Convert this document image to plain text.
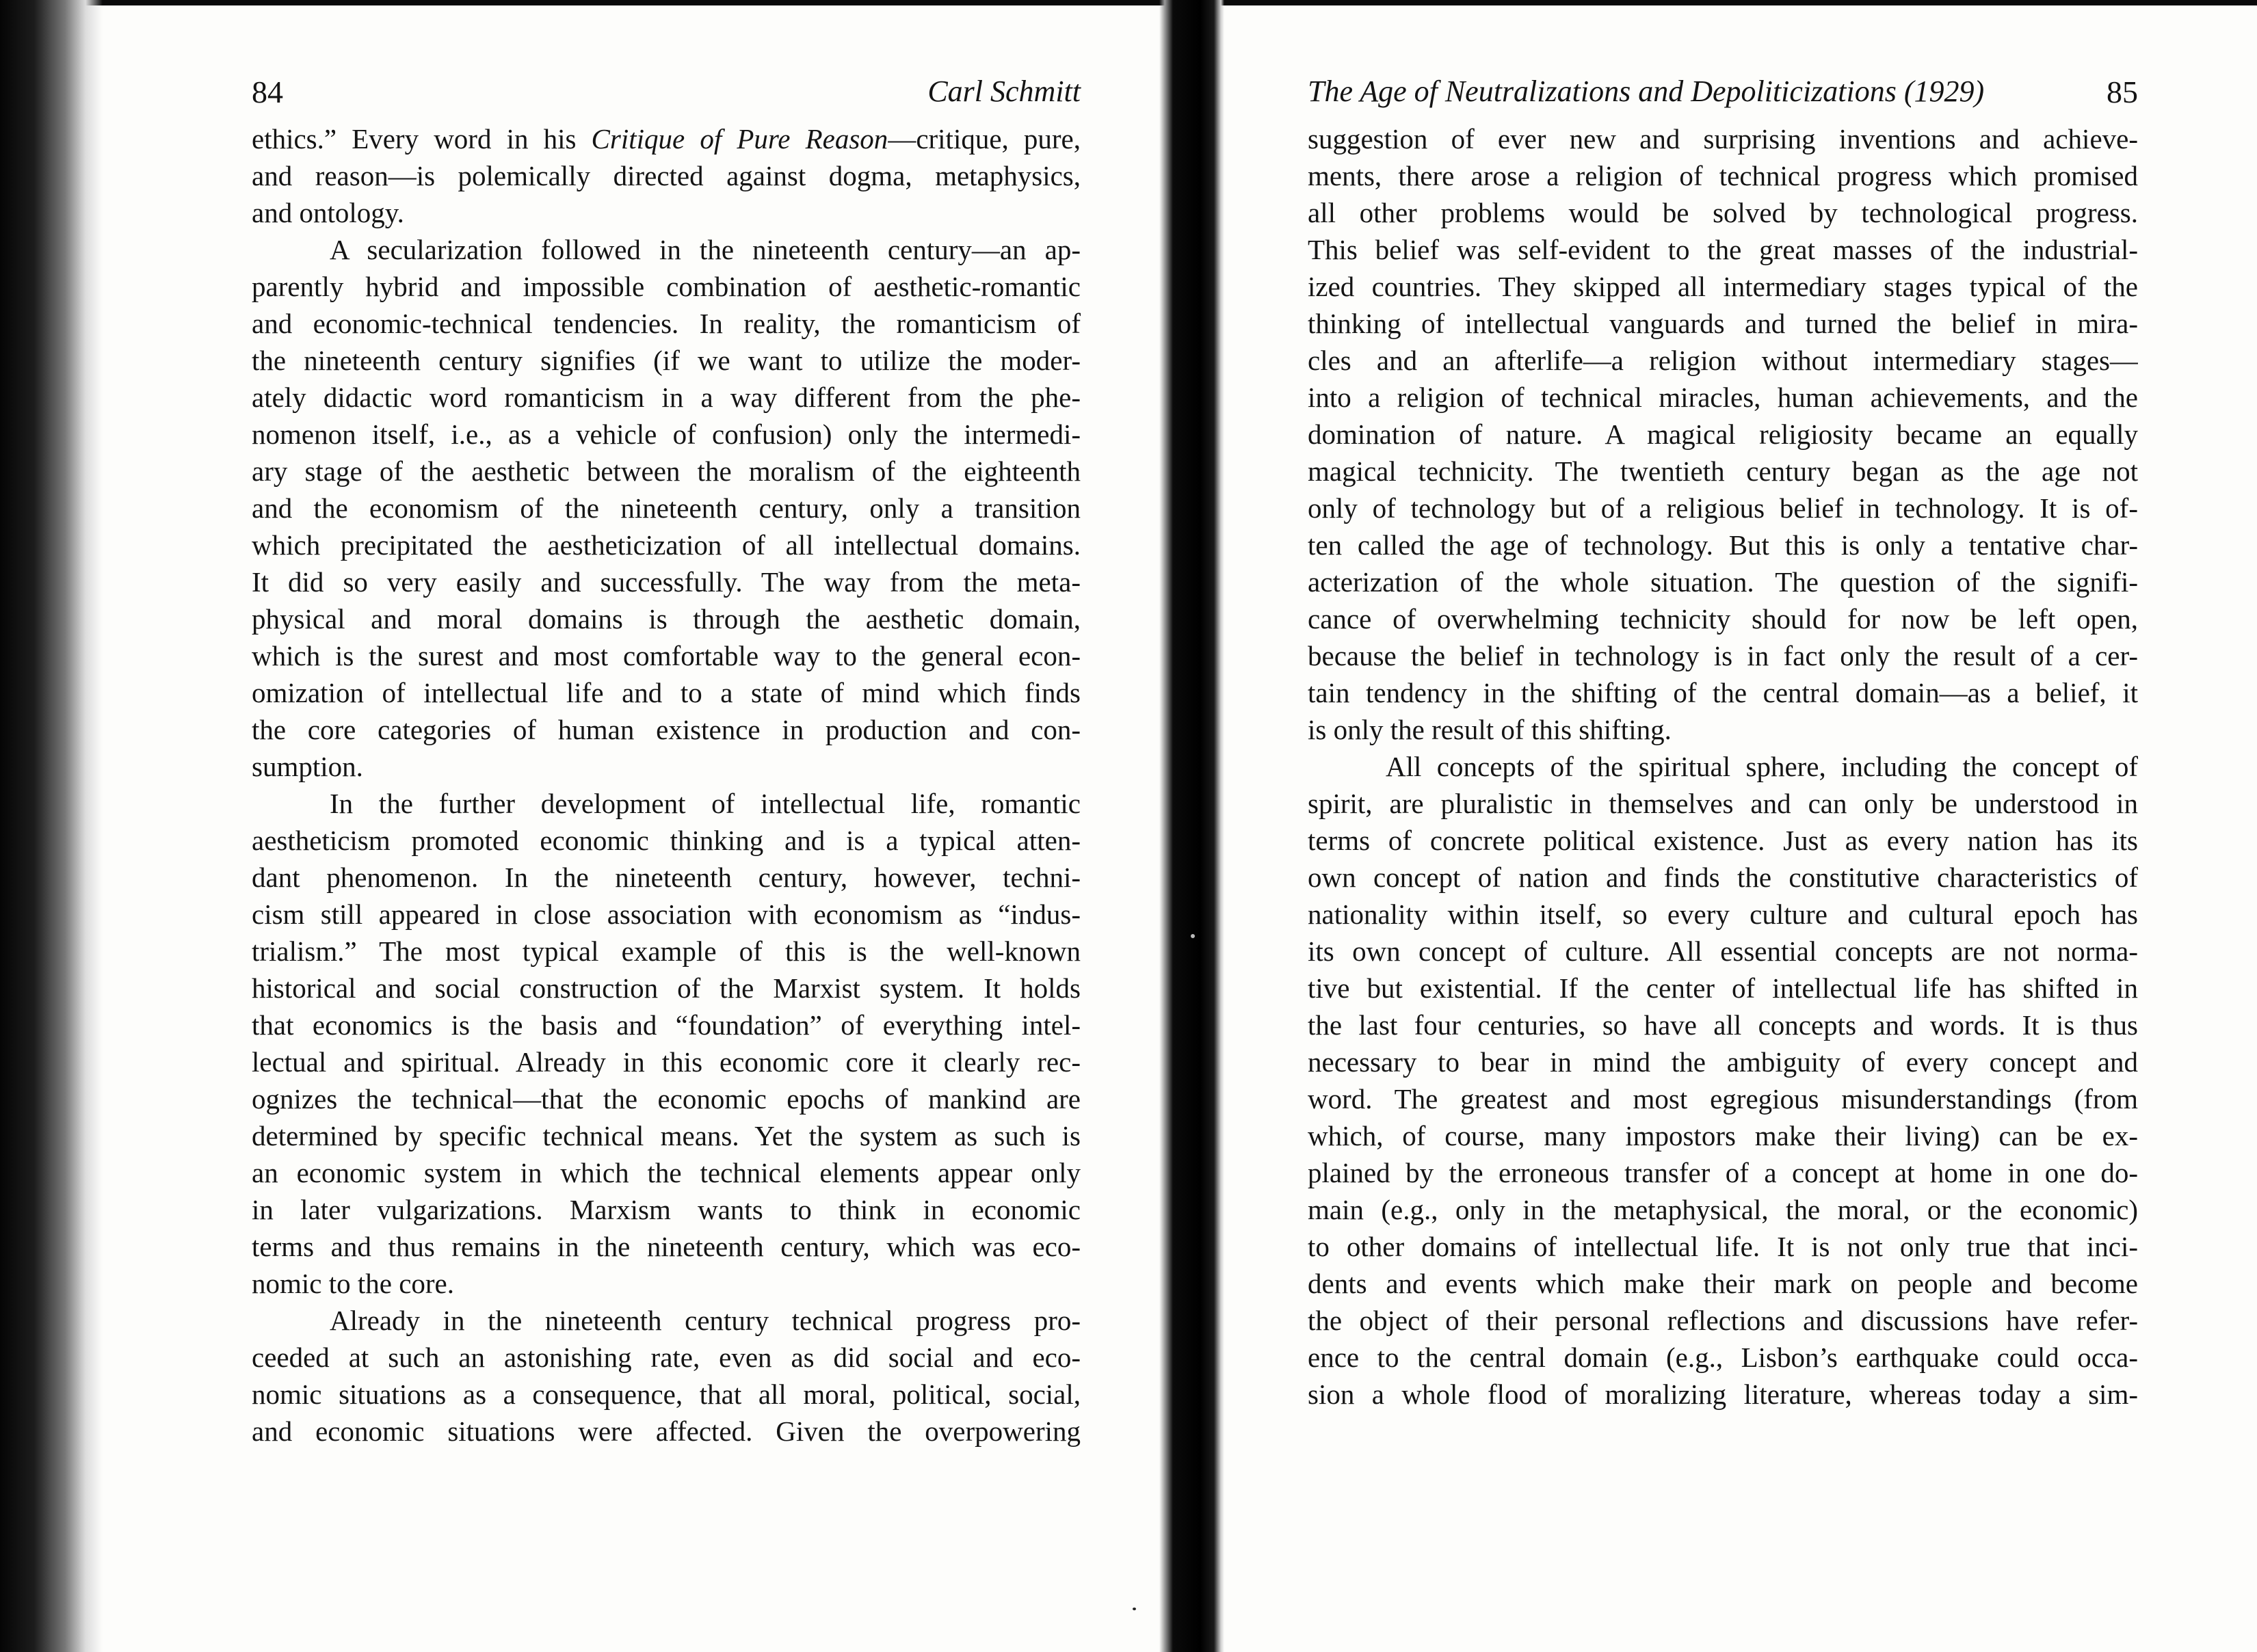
84	Carl Schmitt
ethics.” Every word in his Critique of Pure Reason—critique, pure,
and reason—is polemically directed against dogma, metaphysics,
and ontology.
A secularization followed in the nineteenth century—an ap-
parently hybrid and impossible combination of aesthetic-romantic
and economic-technical tendencies. In reality, the romanticism of
the nineteenth century signifies (if we want to utilize the moder-
ately didactic word romanticism in a way different from the phe-
nomenon itself, i.e., as a vehicle of confusion) only the intermedi-
ary stage of the aesthetic between the moralism of the eighteenth
and the economism of the nineteenth century, only a transition
which precipitated the aestheticization of all intellectual domains.
It did so very easily and successfully. The way from the meta-
physical and moral domains is through the aesthetic domain,
which is the surest and most comfortable way to the general econ-
omization of intellectual life and to a state of mind which finds
the core categories of human existence in production and con-
sumption.
In the further development of intellectual life, romantic
aestheticism promoted economic thinking and is a typical atten-
dant phenomenon. In the nineteenth century, however, techni-
cism still appeared in close association with economism as “indus-
trialism.” The most typical example of this is the well-known
historical and social construction of the Marxist system. It holds
that economics is the basis and “foundation” of everything intel-
lectual and spiritual. Already in this economic core it clearly rec-
ognizes the technical—that the economic epochs of mankind are
determined by specific technical means. Yet the system as such is
an economic system in which the technical elements appear only
in later vulgarizations. Marxism wants to think in economic
terms and thus remains in the nineteenth century, which was eco-
nomic to the core.
Already in the nineteenth century technical progress pro-
ceeded at such an astonishing rate, even as did social and eco-
nomic situations as a consequence, that all moral, political, social,
and economic situations were affected. Given the overpowering
The Age of Neutralizations and Depoliticizations (1929)	85
suggestion of ever new and surprising inventions and achieve-
ments, there arose a religion of technical progress which promised
all other problems would be solved by technological progress.
This belief was self-evident to the great masses of the industrial-
ized countries. They skipped all intermediary stages typical of the
thinking of intellectual vanguards and turned the belief in mira-
cles and an afterlife—a religion without intermediary stages—
into a religion of technical miracles, human achievements, and the
domination of nature. A magical religiosity became an equally
magical technicity. The twentieth century began as the age not
only of technology but of a religious belief in technology. It is of-
ten called the age of technology. But this is only a tentative char-
acterization of the whole situation. The question of the signifi-
cance of overwhelming technicity should for now be left open,
because the belief in technology is in fact only the result of a cer-
tain tendency in the shifting of the central domain—as a belief, it
is only the result of this shifting.
All concepts of the spiritual sphere, including the concept of
spirit, are pluralistic in themselves and can only be understood in
terms of concrete political existence. Just as every nation has its
own concept of nation and finds the constitutive characteristics of
nationality within itself, so every culture and cultural epoch has
its own concept of culture. All essential concepts are not norma-
tive but existential. If the center of intellectual life has shifted in
the last four centuries, so have all concepts and words. It is thus
necessary to bear in mind the ambiguity of every concept and
word. The greatest and most egregious misunderstandings (from
which, of course, many impostors make their living) can be ex-
plained by the erroneous transfer of a concept at home in one do-
main (e.g., only in the metaphysical, the moral, or the economic)
to other domains of intellectual life. It is not only true that inci-
dents and events which make their mark on people and become
the object of their personal reflections and discussions have refer-
ence to the central domain (e.g., Lisbon’s earthquake could occa-
sion a whole flood of moralizing literature, whereas today a sim-
